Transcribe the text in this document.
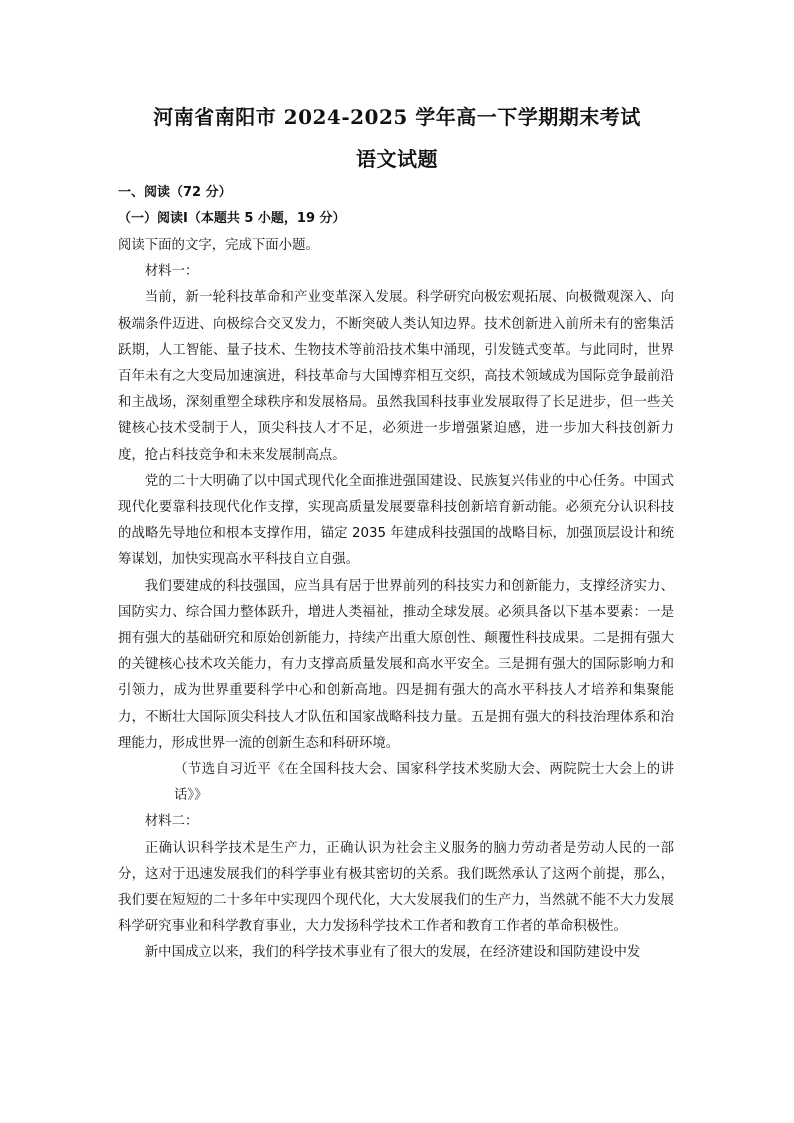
河南省南阳市 2024-2025 学年高一下学期期末考试
语文试题
一、阅读（72 分）
（一）阅读Ⅰ（本题共 5 小题，19 分）

阅读下面的文字，完成下面小题。

材料一：

当前，新一轮科技革命和产业变革深入发展。科学研究向极宏观拓展、向极微观深入、向极端条件迈进、向极综合交叉发力，不断突破人类认知边界。技术创新进入前所未有的密集活跃期，人工智能、量子技术、生物技术等前沿技术集中涌现，引发链式变革。与此同时，世界百年未有之大变局加速演进，科技革命与大国博弈相互交织，高技术领域成为国际竞争最前沿和主战场，深刻重塑全球秩序和发展格局。虽然我国科技事业发展取得了长足进步，但一些关键核心技术受制于人，顶尖科技人才不足，必须进一步增强紧迫感，进一步加大科技创新力度，抢占科技竞争和未来发展制高点。

党的二十大明确了以中国式现代化全面推进强国建设、民族复兴伟业的中心任务。中国式现代化要靠科技现代化作支撑，实现高质量发展要靠科技创新培育新动能。必须充分认识科技的战略先导地位和根本支撑作用，锚定 2035 年建成科技强国的战略目标，加强顶层设计和统筹谋划，加快实现高水平科技自立自强。

我们要建成的科技强国，应当具有居于世界前列的科技实力和创新能力，支撑经济实力、国防实力、综合国力整体跃升，增进人类福祉，推动全球发展。必须具备以下基本要素：一是拥有强大的基础研究和原始创新能力，持续产出重大原创性、颠覆性科技成果。二是拥有强大的关键核心技术攻关能力，有力支撑高质量发展和高水平安全。三是拥有强大的国际影响力和引领力，成为世界重要科学中心和创新高地。四是拥有强大的高水平科技人才培养和集聚能力，不断壮大国际顶尖科技人才队伍和国家战略科技力量。五是拥有强大的科技治理体系和治理能力，形成世界一流的创新生态和科研环境。

（节选自习近平《在全国科技大会、国家科学技术奖励大会、两院院士大会上的讲话》》

材料二：

正确认识科学技术是生产力，正确认识为社会主义服务的脑力劳动者是劳动人民的一部分，这对于迅速发展我们的科学事业有极其密切的关系。我们既然承认了这两个前提，那么，我们要在短短的二十多年中实现四个现代化，大大发展我们的生产力，当然就不能不大力发展科学研究事业和科学教育事业，大力发扬科学技术工作者和教育工作者的革命积极性。

新中国成立以来，我们的科学技术事业有了很大的发展，在经济建设和国防建设中发
